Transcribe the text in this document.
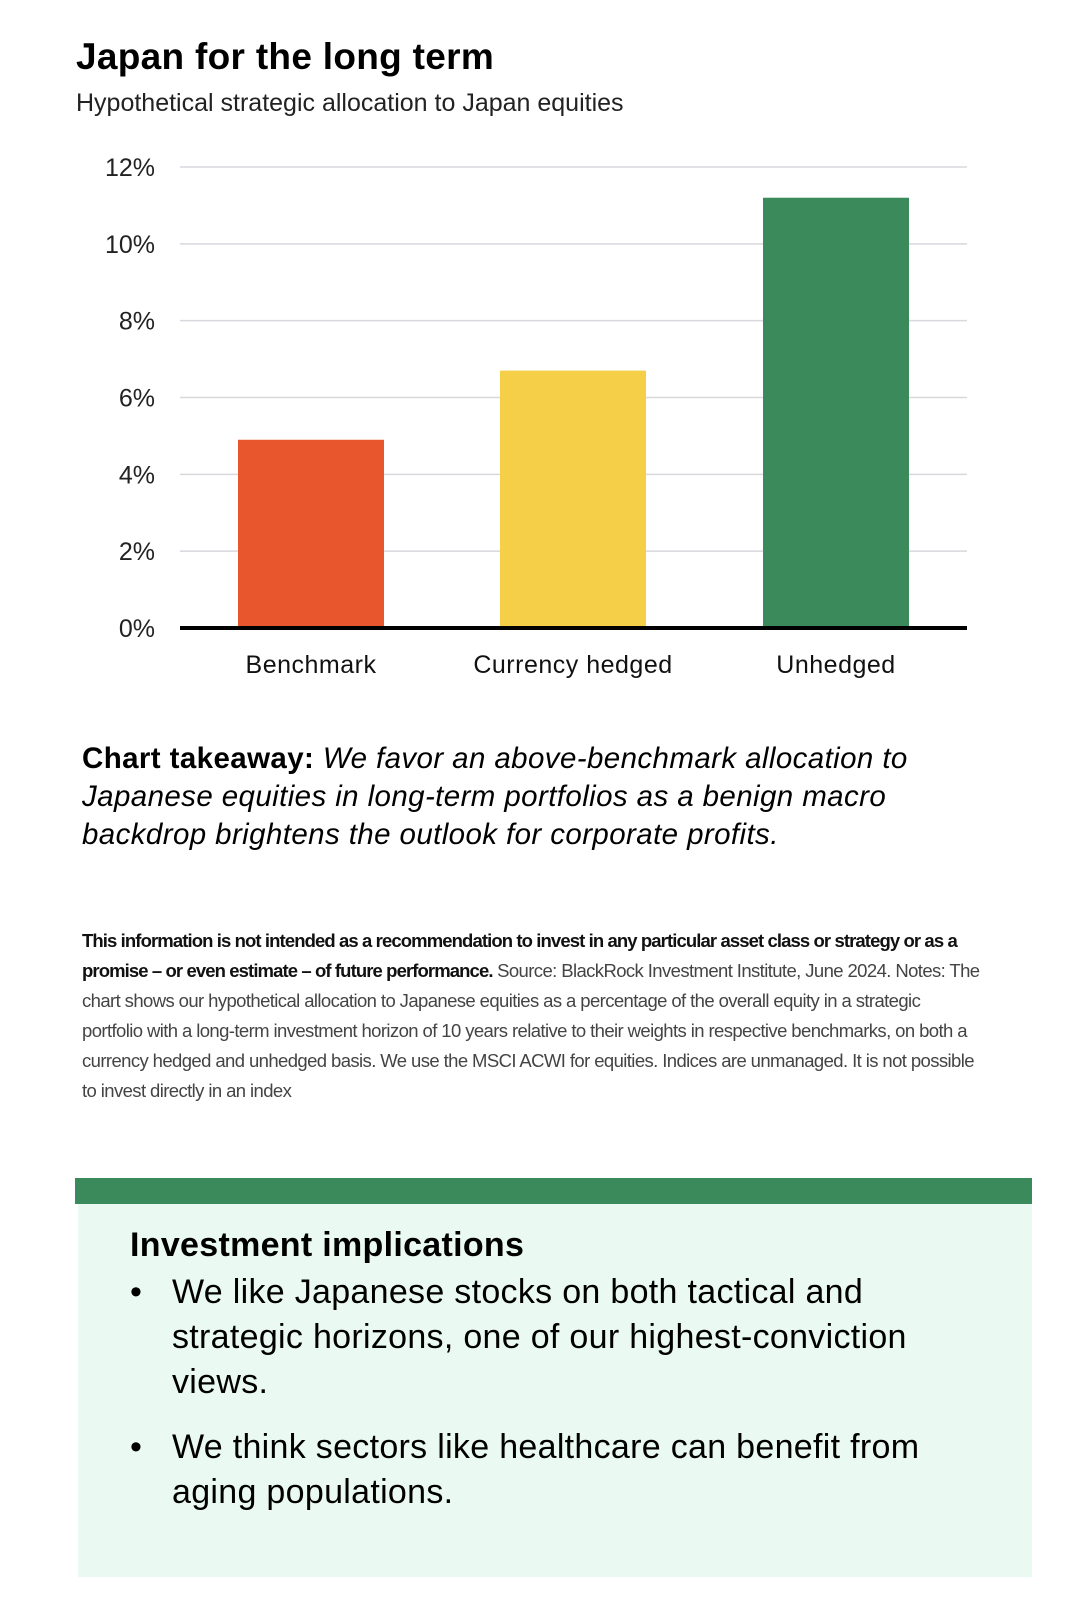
Japan for the long term
Hypothetical strategic allocation to Japan equities
0%
2%
4%
6%
8%
10%
12%
Benchmark	Currency hedged	Unhedged
Chart takeaway: We favor an above-benchmark allocation to Japanese equities in long-term portfolios as a benign macro backdrop brightens the outlook for corporate profits.
This information is not intended as a recommendation to invest in any particular asset class or strategy or as a promise – or even estimate – of future performance. Source: BlackRock Investment Institute, June 2024. Notes: The chart shows our hypothetical allocation to Japanese equities as a percentage of the overall equity in a strategic portfolio with a long-term investment horizon of 10 years relative to their weights in respective benchmarks, on both a currency hedged and unhedged basis. We use the MSCI ACWI for equities. Indices are unmanaged. It is not possible to invest directly in an index
Investment implications
• We like Japanese stocks on both tactical and strategic horizons, one of our highest-conviction views.
• We think sectors like healthcare can benefit from aging populations.
